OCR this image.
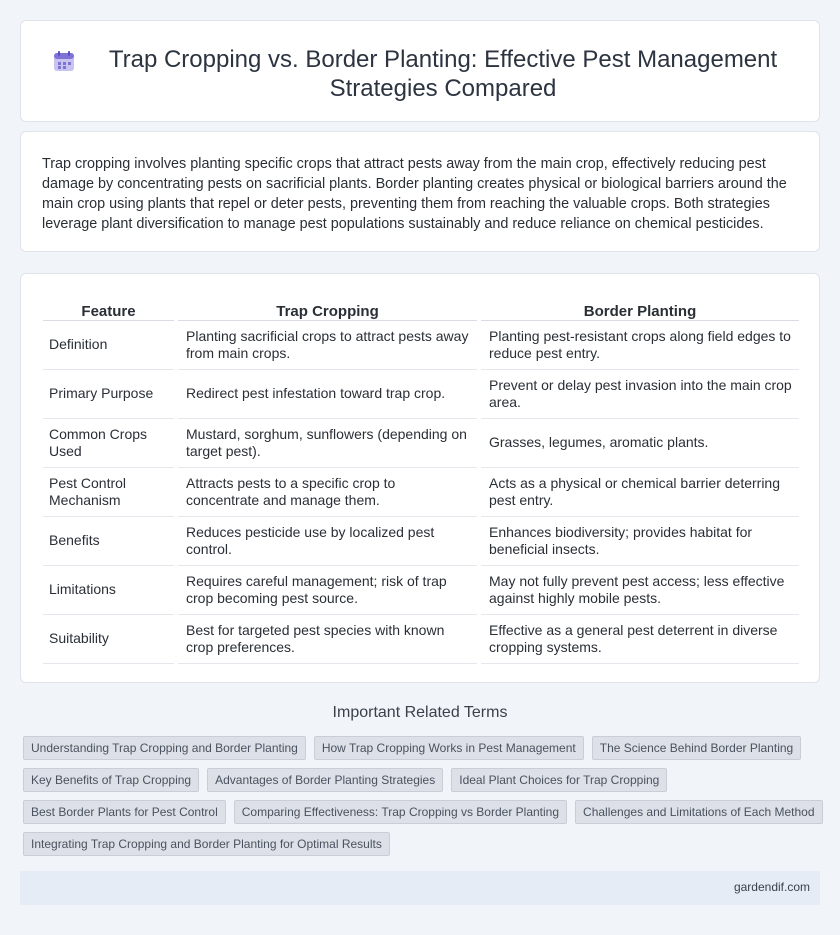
Trap Cropping vs. Border Planting: Effective Pest Management Strategies Compared

Trap cropping involves planting specific crops that attract pests away from the main crop, effectively reducing pest damage by concentrating pests on sacrificial plants. Border planting creates physical or biological barriers around the main crop using plants that repel or deter pests, preventing them from reaching the valuable crops. Both strategies leverage plant diversification to manage pest populations sustainably and reduce reliance on chemical pesticides.

Feature	Trap Cropping	Border Planting
Definition	Planting sacrificial crops to attract pests away from main crops.	Planting pest-resistant crops along field edges to reduce pest entry.
Primary Purpose	Redirect pest infestation toward trap crop.	Prevent or delay pest invasion into the main crop area.
Common Crops Used	Mustard, sorghum, sunflowers (depending on target pest).	Grasses, legumes, aromatic plants.
Pest Control Mechanism	Attracts pests to a specific crop to concentrate and manage them.	Acts as a physical or chemical barrier deterring pest entry.
Benefits	Reduces pesticide use by localized pest control.	Enhances biodiversity; provides habitat for beneficial insects.
Limitations	Requires careful management; risk of trap crop becoming pest source.	May not fully prevent pest access; less effective against highly mobile pests.
Suitability	Best for targeted pest species with known crop preferences.	Effective as a general pest deterrent in diverse cropping systems.
Important Related Terms
Understanding Trap Cropping and Border Planting	How Trap Cropping Works in Pest Management	The Science Behind Border Planting
Key Benefits of Trap Cropping	Advantages of Border Planting Strategies	Ideal Plant Choices for Trap Cropping
Best Border Plants for Pest Control	Comparing Effectiveness: Trap Cropping vs Border Planting	Challenges and Limitations of Each Method
Integrating Trap Cropping and Border Planting for Optimal Results
gardendif.com
